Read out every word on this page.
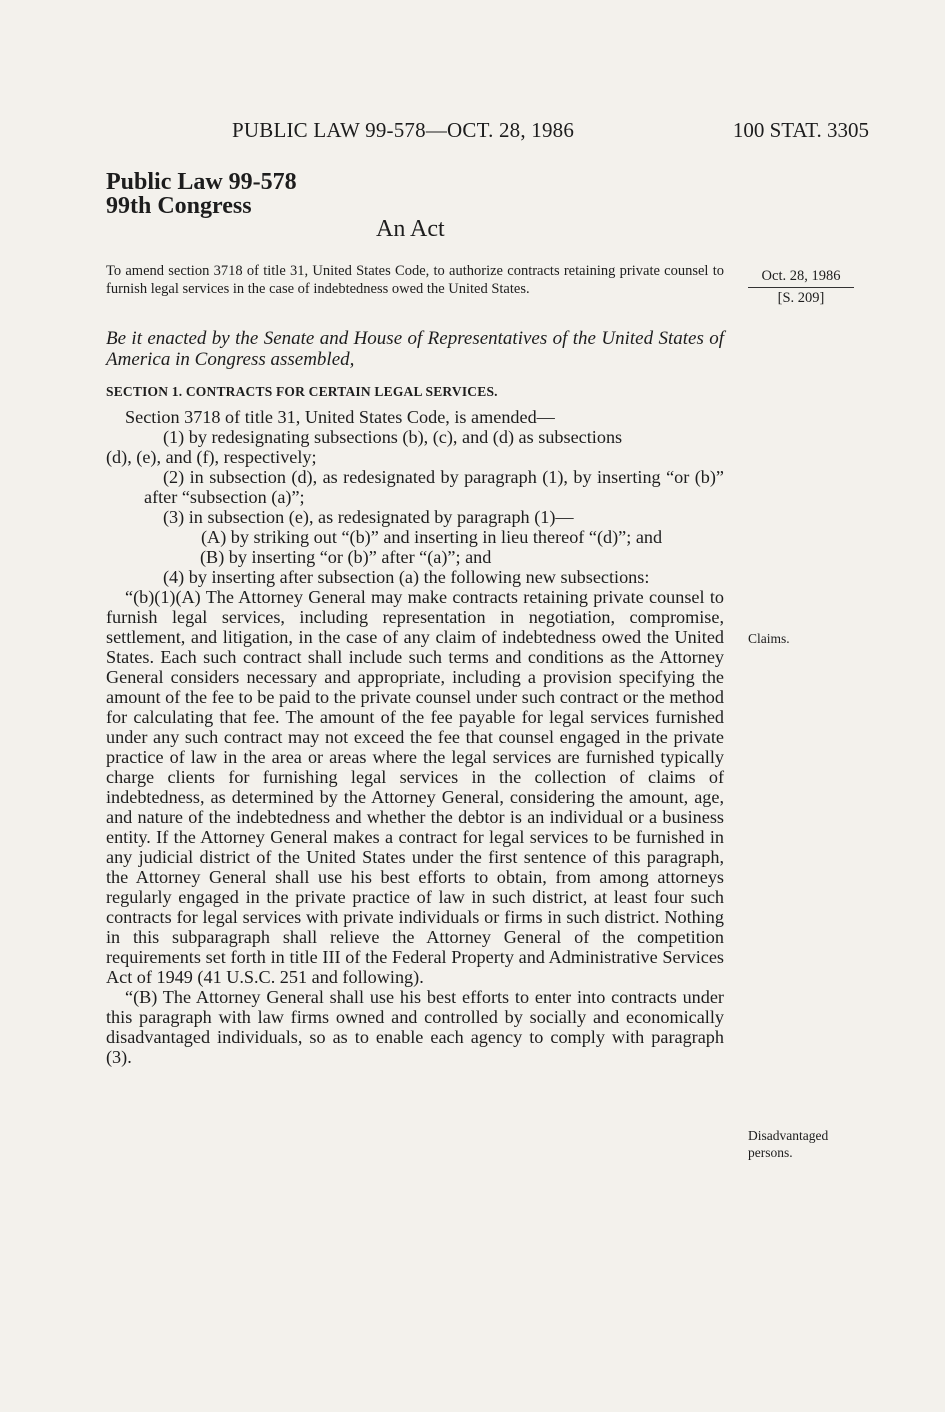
PUBLIC LAW 99-578—OCT. 28, 1986	100 STAT. 3305
Public Law 99-578
99th Congress
An Act
To amend section 3718 of title 31, United States Code, to authorize contracts retaining private counsel to furnish legal services in the case of indebtedness owed the United States.
Oct. 28, 1986
[S. 209]
Be it enacted by the Senate and House of Representatives of the United States of America in Congress assembled,
SECTION 1. CONTRACTS FOR CERTAIN LEGAL SERVICES.

Section 3718 of title 31, United States Code, is amended—

(1) by redesignating subsections (b), (c), and (d) as subsections

(d), (e), and (f), respectively;

(2) in subsection (d), as redesignated by paragraph (1), by inserting “or (b)” after “subsection (a)”;

(3) in subsection (e), as redesignated by paragraph (1)—

(A) by striking out “(b)” and inserting in lieu thereof “(d)”; and

(B) by inserting “or (b)” after “(a)”; and

(4) by inserting after subsection (a) the following new subsections:

“(b)(1)(A) The Attorney General may make contracts retaining private counsel to furnish legal services, including representation in negotiation, compromise, settlement, and litigation, in the case of any claim of indebtedness owed the United States. Each such contract shall include such terms and conditions as the Attorney General considers necessary and appropriate, including a provision specifying the amount of the fee to be paid to the private counsel under such contract or the method for calculating that fee. The amount of the fee payable for legal services furnished under any such contract may not exceed the fee that counsel engaged in the private practice of law in the area or areas where the legal services are furnished typically charge clients for furnishing legal services in the collection of claims of indebtedness, as determined by the Attorney General, considering the amount, age, and nature of the indebtedness and whether the debtor is an individual or a business entity. If the Attorney General makes a contract for legal services to be furnished in any judicial district of the United States under the first sentence of this paragraph, the Attorney General shall use his best efforts to obtain, from among attorneys regularly engaged in the private practice of law in such district, at least four such contracts for legal services with private individuals or firms in such district. Nothing in this subparagraph shall relieve the Attorney General of the competition requirements set forth in title III of the Federal Property and Administrative Services Act of 1949 (41 U.S.C. 251 and following).

“(B) The Attorney General shall use his best efforts to enter into contracts under this paragraph with law firms owned and controlled by socially and economically disadvantaged individuals, so as to enable each agency to comply with paragraph (3).

Claims.
Disadvantaged
persons.
